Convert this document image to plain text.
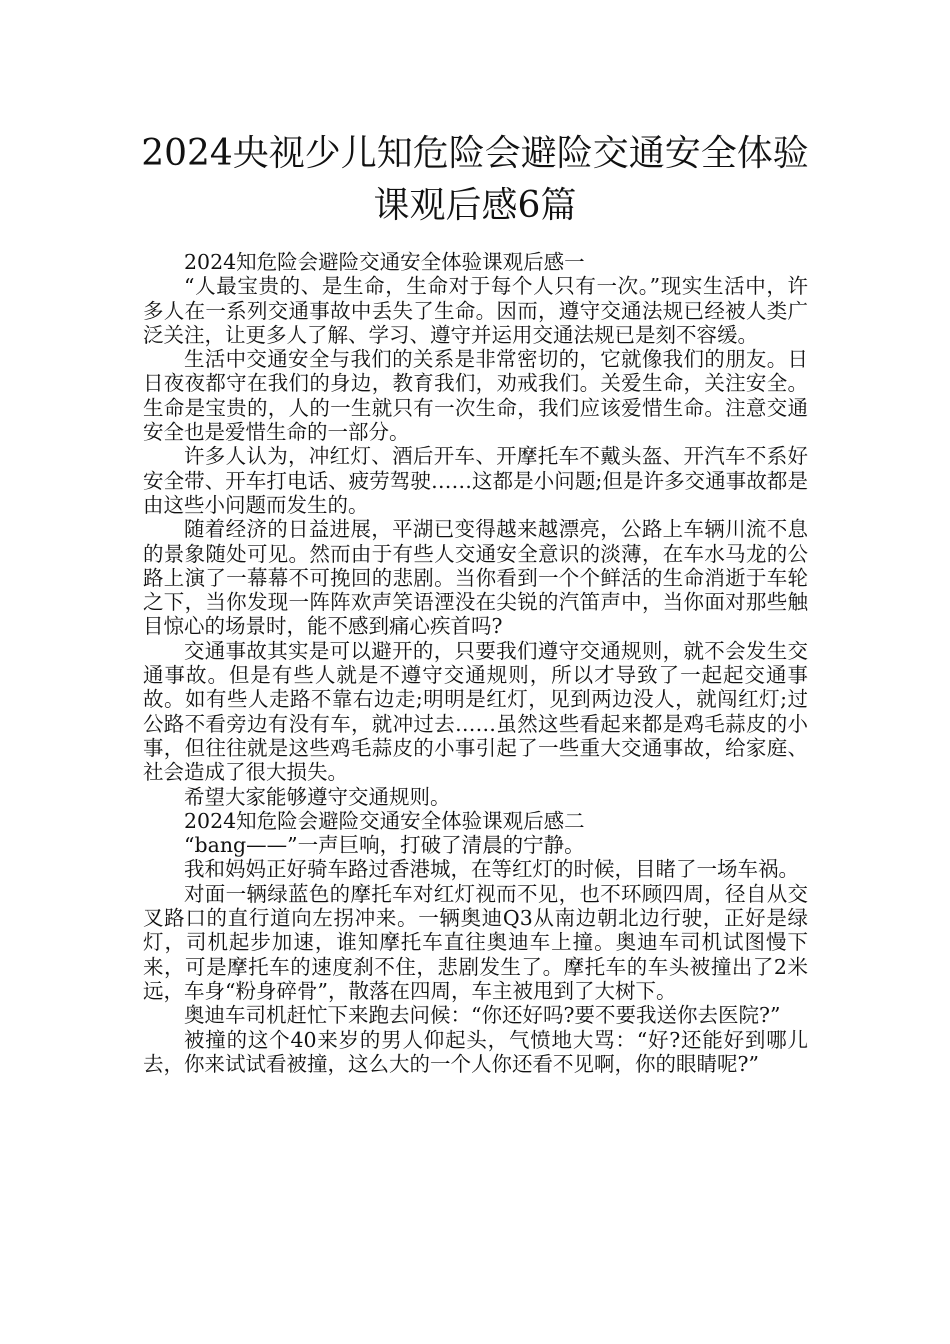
2024央视少儿知危险会避险交通安全体验
课观后感6篇

2024知危险会避险交通安全体验课观后感一

“人最宝贵的、是生命，生命对于每个人只有一次。”现实生活中，许多人在一系列交通事故中丢失了生命。因而，遵守交通法规已经被人类广泛关注，让更多人了解、学习、遵守并运用交通法规已是刻不容缓。

生活中交通安全与我们的关系是非常密切的，它就像我们的朋友。日日夜夜都守在我们的身边，教育我们，劝戒我们。关爱生命，关注安全。生命是宝贵的，人的一生就只有一次生命，我们应该爱惜生命。注意交通安全也是爱惜生命的一部分。

许多人认为，冲红灯、酒后开车、开摩托车不戴头盔、开汽车不系好安全带、开车打电话、疲劳驾驶……这都是小问题;但是许多交通事故都是由这些小问题而发生的。

随着经济的日益进展，平湖已变得越来越漂亮，公路上车辆川流不息的景象随处可见。然而由于有些人交通安全意识的淡薄，在车水马龙的公路上演了一幕幕不可挽回的悲剧。当你看到一个个鲜活的生命消逝于车轮之下，当你发现一阵阵欢声笑语湮没在尖锐的汽笛声中，当你面对那些触目惊心的场景时，能不感到痛心疾首吗?

交通事故其实是可以避开的，只要我们遵守交通规则，就不会发生交通事故。但是有些人就是不遵守交通规则，所以才导致了一起起交通事故。如有些人走路不靠右边走;明明是红灯，见到两边没人，就闯红灯;过公路不看旁边有没有车，就冲过去……虽然这些看起来都是鸡毛蒜皮的小事，但往往就是这些鸡毛蒜皮的小事引起了一些重大交通事故，给家庭、社会造成了很大损失。

希望大家能够遵守交通规则。

2024知危险会避险交通安全体验课观后感二

“bang——”一声巨响，打破了清晨的宁静。

我和妈妈正好骑车路过香港城，在等红灯的时候，目睹了一场车祸。

对面一辆绿蓝色的摩托车对红灯视而不见，也不环顾四周，径自从交叉路口的直行道向左拐冲来。一辆奥迪Q3从南边朝北边行驶，正好是绿灯，司机起步加速，谁知摩托车直往奥迪车上撞。奥迪车司机试图慢下来，可是摩托车的速度刹不住，悲剧发生了。摩托车的车头被撞出了2米远，车身“粉身碎骨”，散落在四周，车主被甩到了大树下。

奥迪车司机赶忙下来跑去问候：“你还好吗?要不要我送你去医院?”

被撞的这个40来岁的男人仰起头，气愤地大骂：“好?还能好到哪儿去，你来试试看被撞，这么大的一个人你还看不见啊，你的眼睛呢?”
